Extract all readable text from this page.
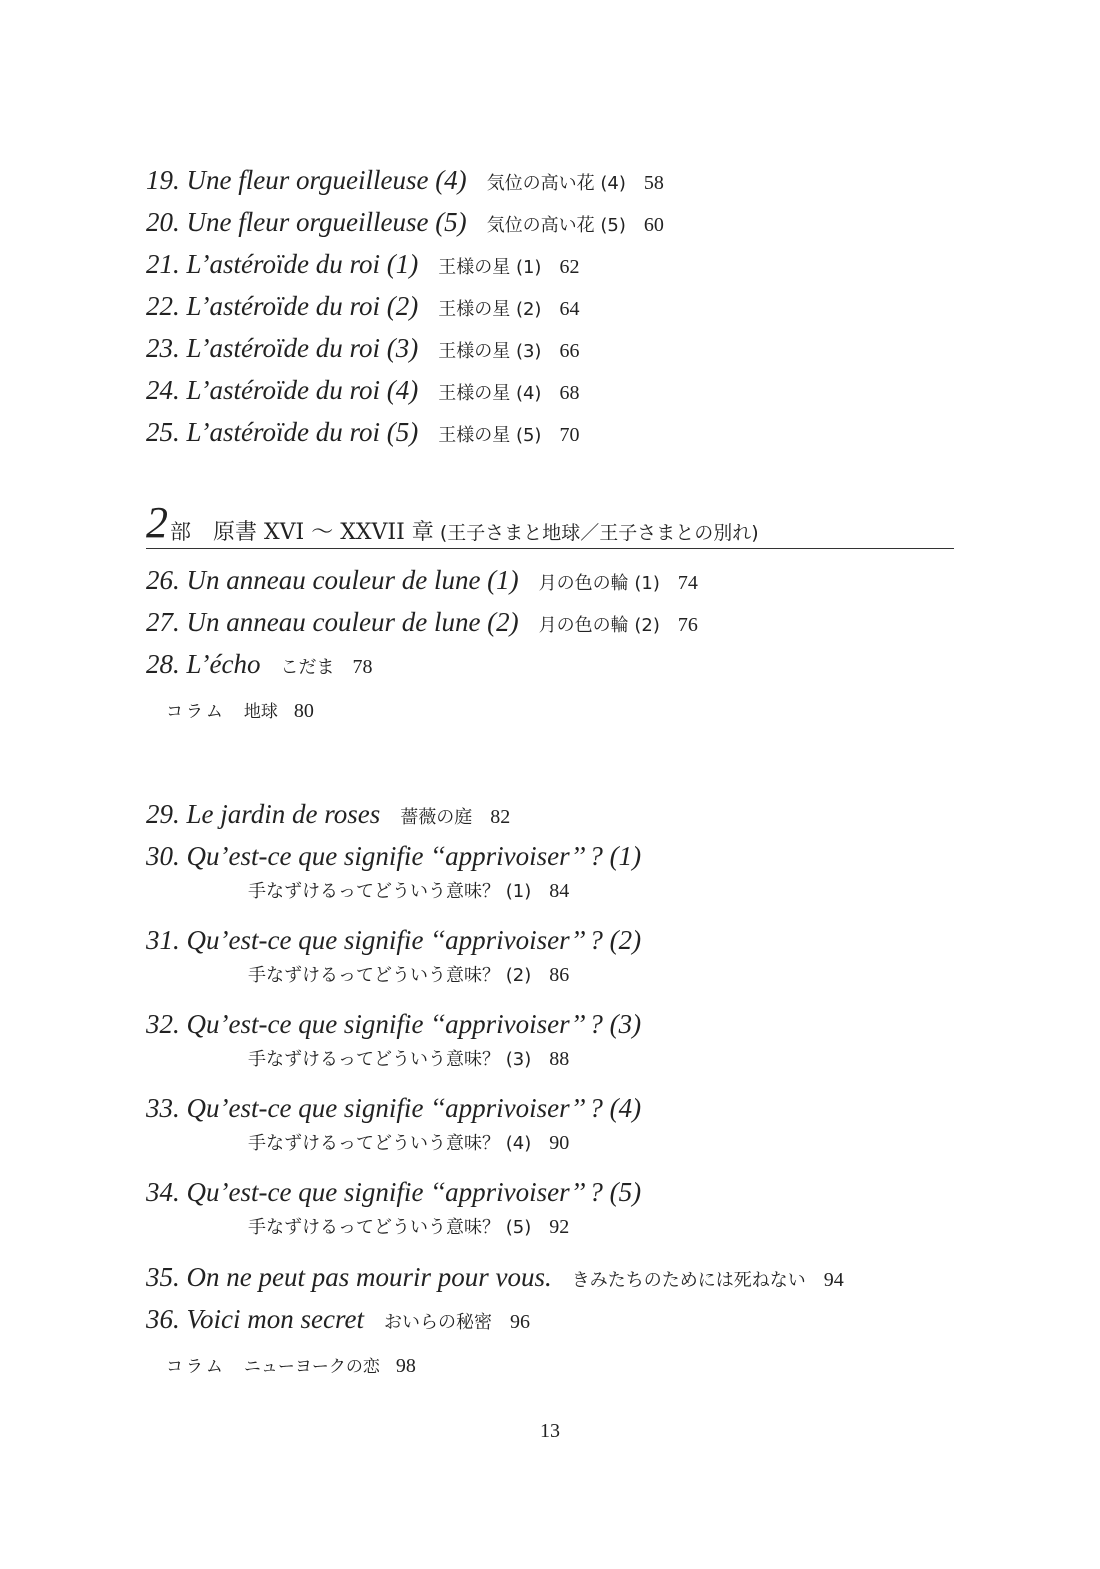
19. Une fleur orgueilleuse (4) 気位の高い花 (4) 58
20. Une fleur orgueilleuse (5) 気位の高い花 (5) 60
21. L’astéroïde du roi (1) 王様の星 (1) 62
22. L’astéroïde du roi (2) 王様の星 (2) 64
23. L’astéroïde du roi (3) 王様の星 (3) 66
24. L’astéroïde du roi (4) 王様の星 (4) 68
25. L’astéroïde du roi (5) 王様の星 (5) 70
2部 原書 XVI ～ XXVII 章 (王子さまと地球／王子さまとの別れ)
26. Un anneau couleur de lune (1) 月の色の輪 (1) 74
27. Un anneau couleur de lune (2) 月の色の輪 (2) 76
28. L’écho こだま 78
コラム 地球 80
29. Le jardin de roses 薔薇の庭 82
30. Qu’est-ce que signifie ‘‘apprivoiser’’ ? (1)
手なずけるってどういう意味？ (1) 84
31. Qu’est-ce que signifie ‘‘apprivoiser’’ ? (2)
手なずけるってどういう意味？ (2) 86
32. Qu’est-ce que signifie ‘‘apprivoiser’’ ? (3)
手なずけるってどういう意味？ (3) 88
33. Qu’est-ce que signifie ‘‘apprivoiser’’ ? (4)
手なずけるってどういう意味？ (4) 90
34. Qu’est-ce que signifie ‘‘apprivoiser’’ ? (5)
手なずけるってどういう意味？ (5) 92
35. On ne peut pas mourir pour vous. きみたちのためには死ねない 94
36. Voici mon secret おいらの秘密 96
コラム ニューヨークの恋 98
13
